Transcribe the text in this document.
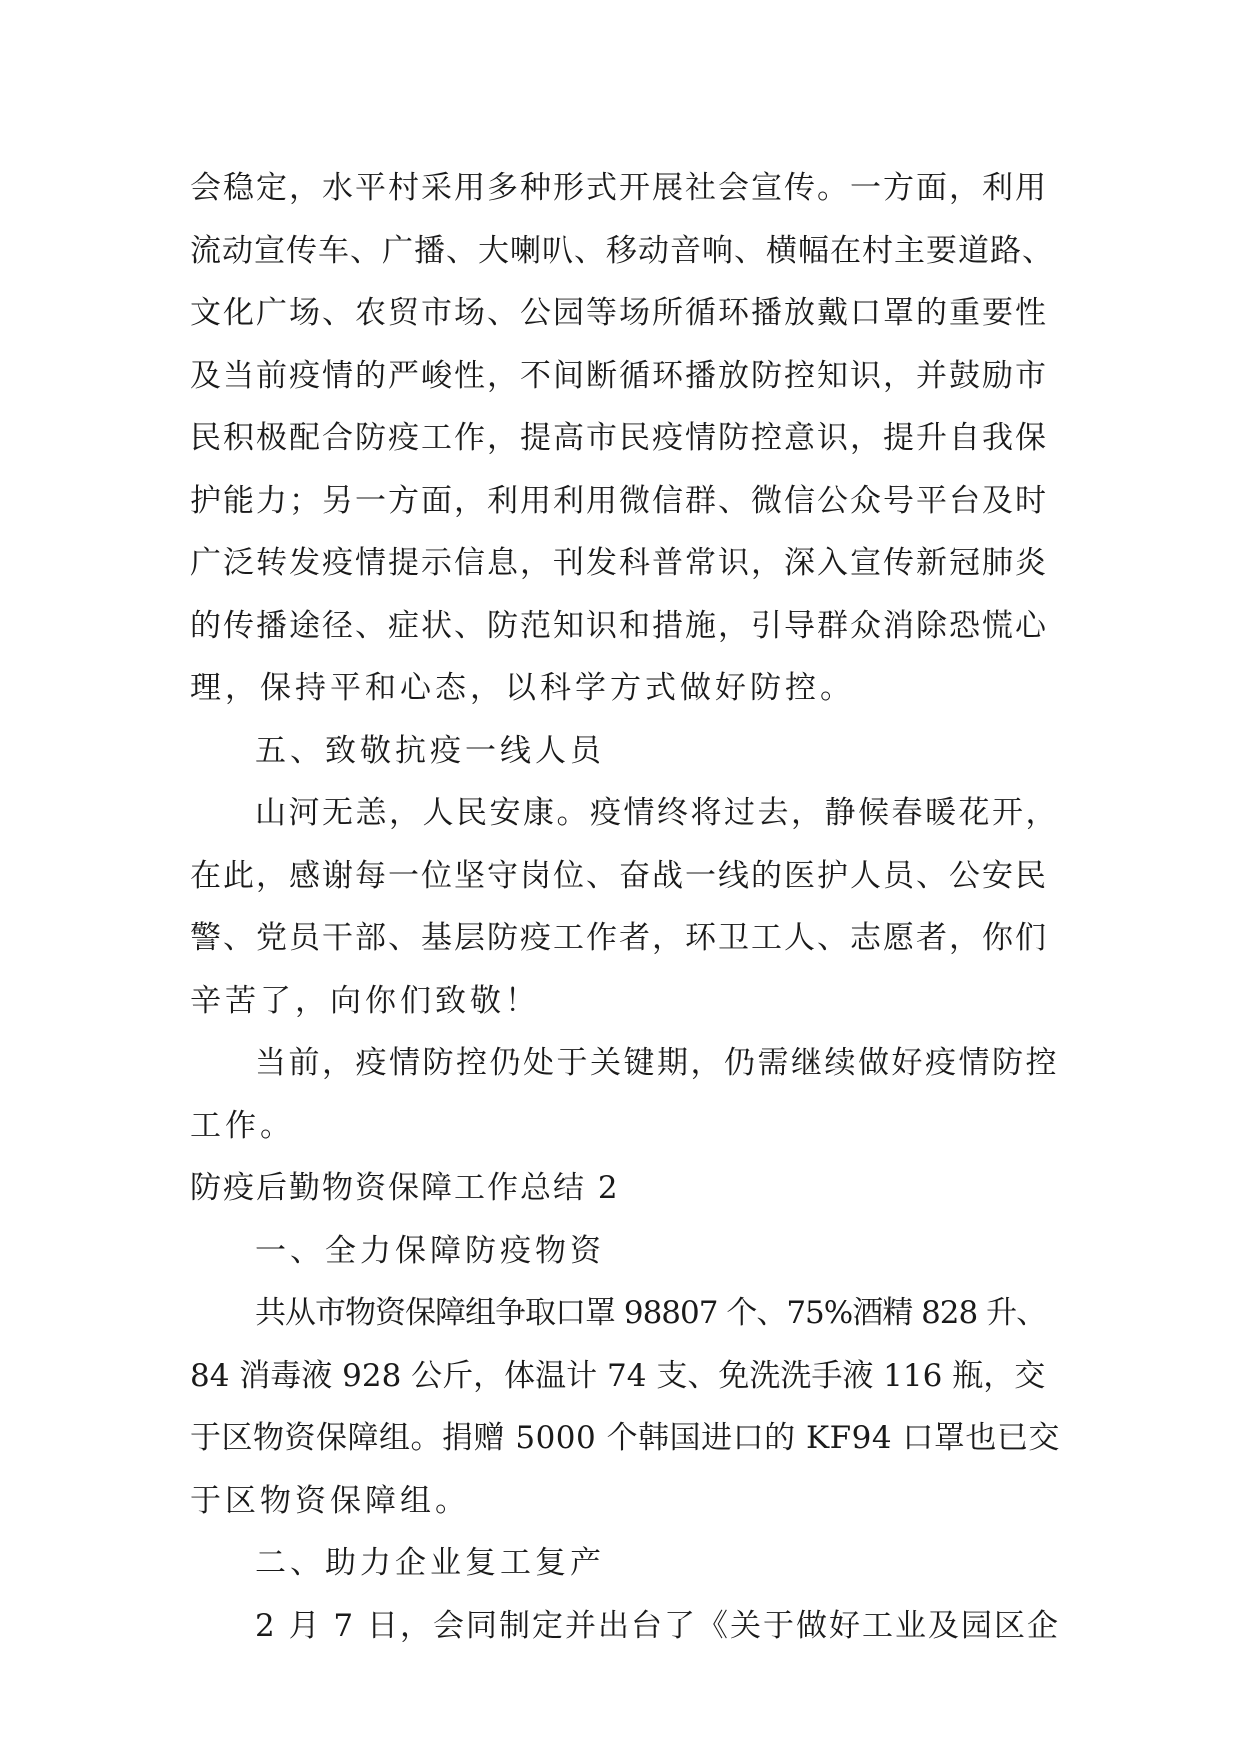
会稳定，水平村采用多种形式开展社会宣传。一方面，利用
流动宣传车、广播、大喇叭、移动音响、横幅在村主要道路、
文化广场、农贸市场、公园等场所循环播放戴口罩的重要性
及当前疫情的严峻性，不间断循环播放防控知识，并鼓励市
民积极配合防疫工作，提高市民疫情防控意识，提升自我保
护能力；另一方面，利用利用微信群、微信公众号平台及时
广泛转发疫情提示信息，刊发科普常识，深入宣传新冠肺炎
的传播途径、症状、防范知识和措施，引导群众消除恐慌心
理，保持平和心态，以科学方式做好防控。
五、致敬抗疫一线人员
山河无恙，人民安康。疫情终将过去，静候春暖花开，
在此，感谢每一位坚守岗位、奋战一线的医护人员、公安民
警、党员干部、基层防疫工作者，环卫工人、志愿者，你们
辛苦了，向你们致敬！
当前，疫情防控仍处于关键期，仍需继续做好疫情防控
工作。
防疫后勤物资保障工作总结 2
一、全力保障防疫物资
共从市物资保障组争取口罩 98807 个、75%酒精 828 升、
84 消毒液 928 公斤，体温计 74 支、免洗洗手液 116 瓶，交
于区物资保障组。捐赠 5000 个韩国进口的 KF94 口罩也已交
于区物资保障组。
二、助力企业复工复产
2 月 7 日，会同制定并出台了《关于做好工业及园区企
